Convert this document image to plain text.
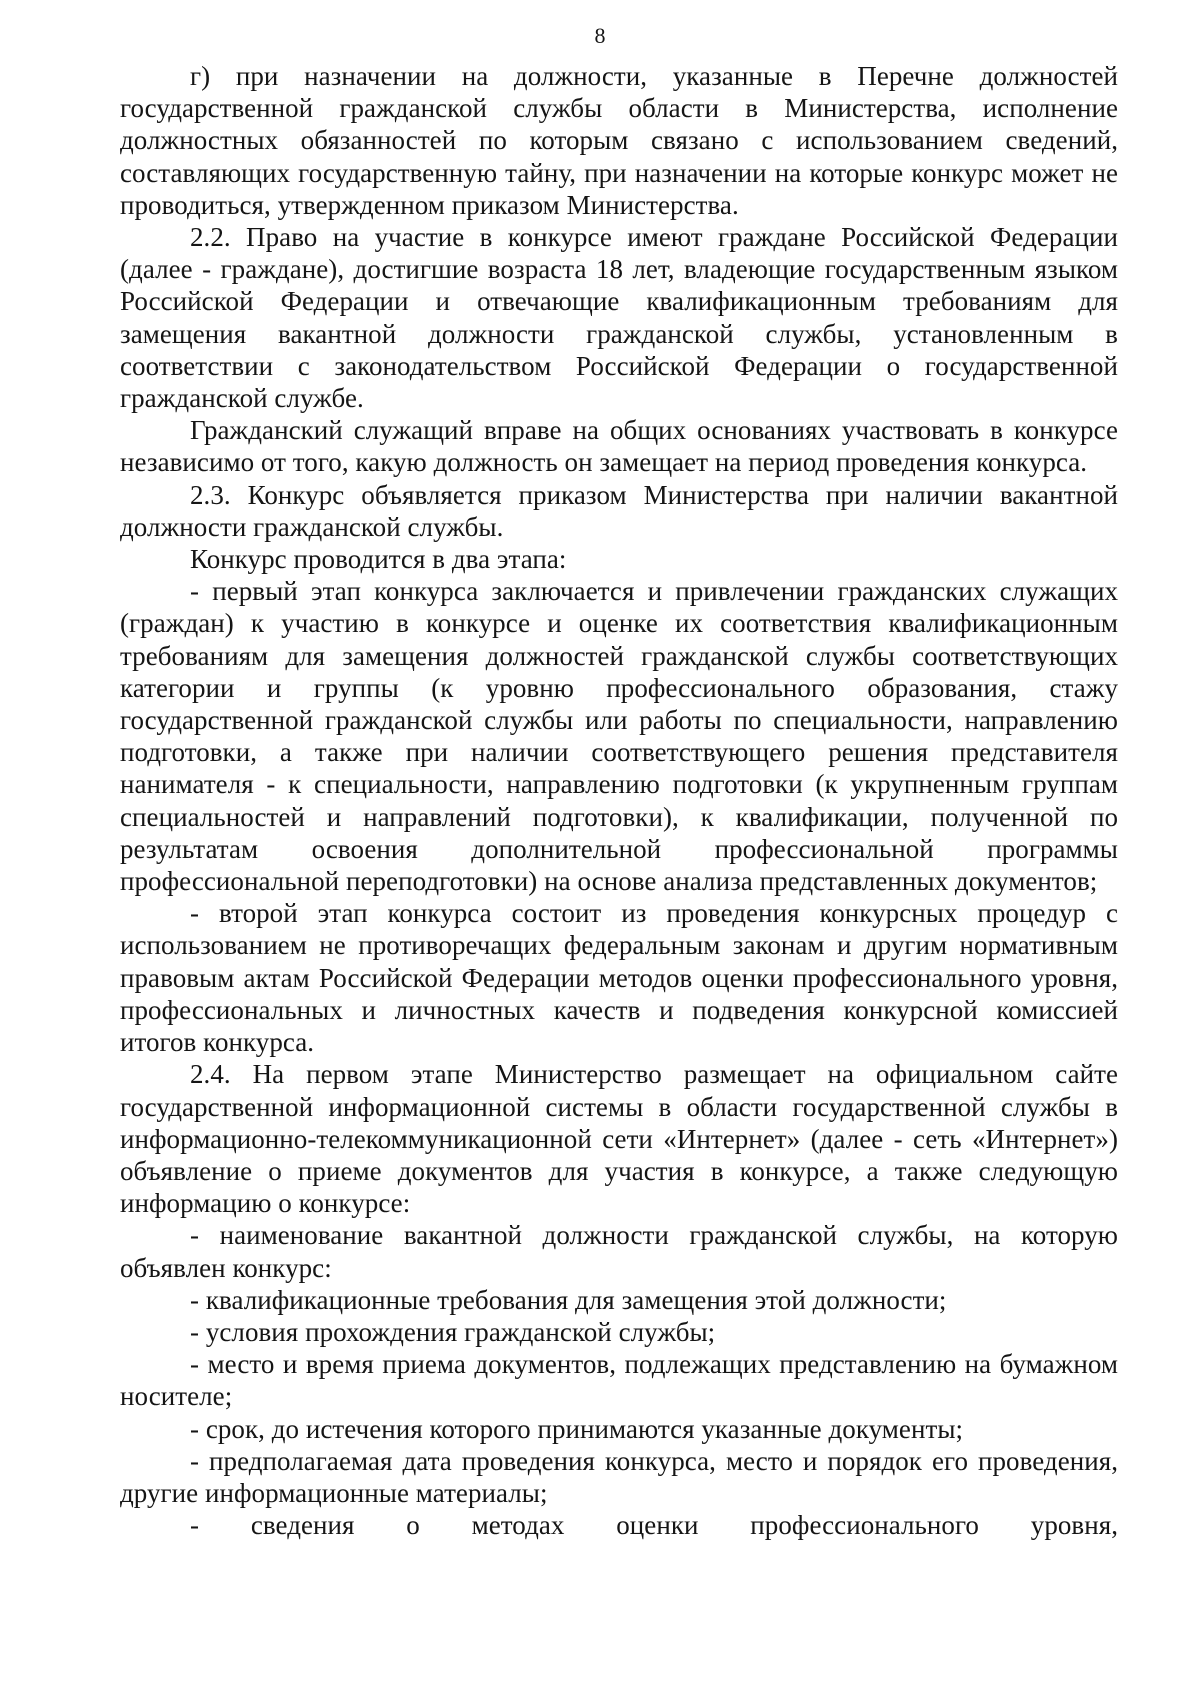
8

г) при назначении на должности, указанные в Перечне должностей государственной гражданской службы области в Министерства, исполнение должностных обязанностей по которым связано с использованием сведений, составляющих государственную тайну, при назначении на которые конкурс может не проводиться, утвержденном приказом Министерства.

2.2. Право на участие в конкурсе имеют граждане Российской Федерации (далее - граждане), достигшие возраста 18 лет, владеющие государственным языком Российской Федерации и отвечающие квалификационным требованиям для замещения вакантной должности гражданской службы, установленным в соответствии с законодательством Российской Федерации о государственной гражданской службе.

Гражданский служащий вправе на общих основаниях участвовать в конкурсе независимо от того, какую должность он замещает на период проведения конкурса.

2.3. Конкурс объявляется приказом Министерства при наличии вакантной должности гражданской службы.

Конкурс проводится в два этапа:

- первый этап конкурса заключается и привлечении гражданских служащих (граждан) к участию в конкурсе и оценке их соответствия квалификационным требованиям для замещения должностей гражданской службы соответствующих категории и группы (к уровню профессионального образования, стажу государственной гражданской службы или работы по специальности, направлению подготовки, а также при наличии соответствующего решения представителя нанимателя - к специальности, направлению подготовки (к укрупненным группам специальностей и направлений подготовки), к квалификации, полученной по результатам освоения дополнительной профессиональной программы профессиональной переподготовки) на основе анализа представленных документов;

- второй этап конкурса состоит из проведения конкурсных процедур с использованием не противоречащих федеральным законам и другим нормативным правовым актам Российской Федерации методов оценки профессионального уровня, профессиональных и личностных качеств и подведения конкурсной комиссией итогов конкурса.

2.4. На первом этапе Министерство размещает на официальном сайте государственной информационной системы в области государственной службы в информационно-телекоммуникационной сети «Интернет» (далее - сеть «Интернет») объявление о приеме документов для участия в конкурсе, а также следующую информацию о конкурсе:

- наименование вакантной должности гражданской службы, на которую объявлен конкурс:

- квалификационные требования для замещения этой должности;

- условия прохождения гражданской службы;

- место и время приема документов, подлежащих представлению на бумажном носителе;

- срок, до истечения которого принимаются указанные документы;

- предполагаемая дата проведения конкурса, место и порядок его проведения, другие информационные материалы;

- сведения о методах оценки профессионального уровня,
